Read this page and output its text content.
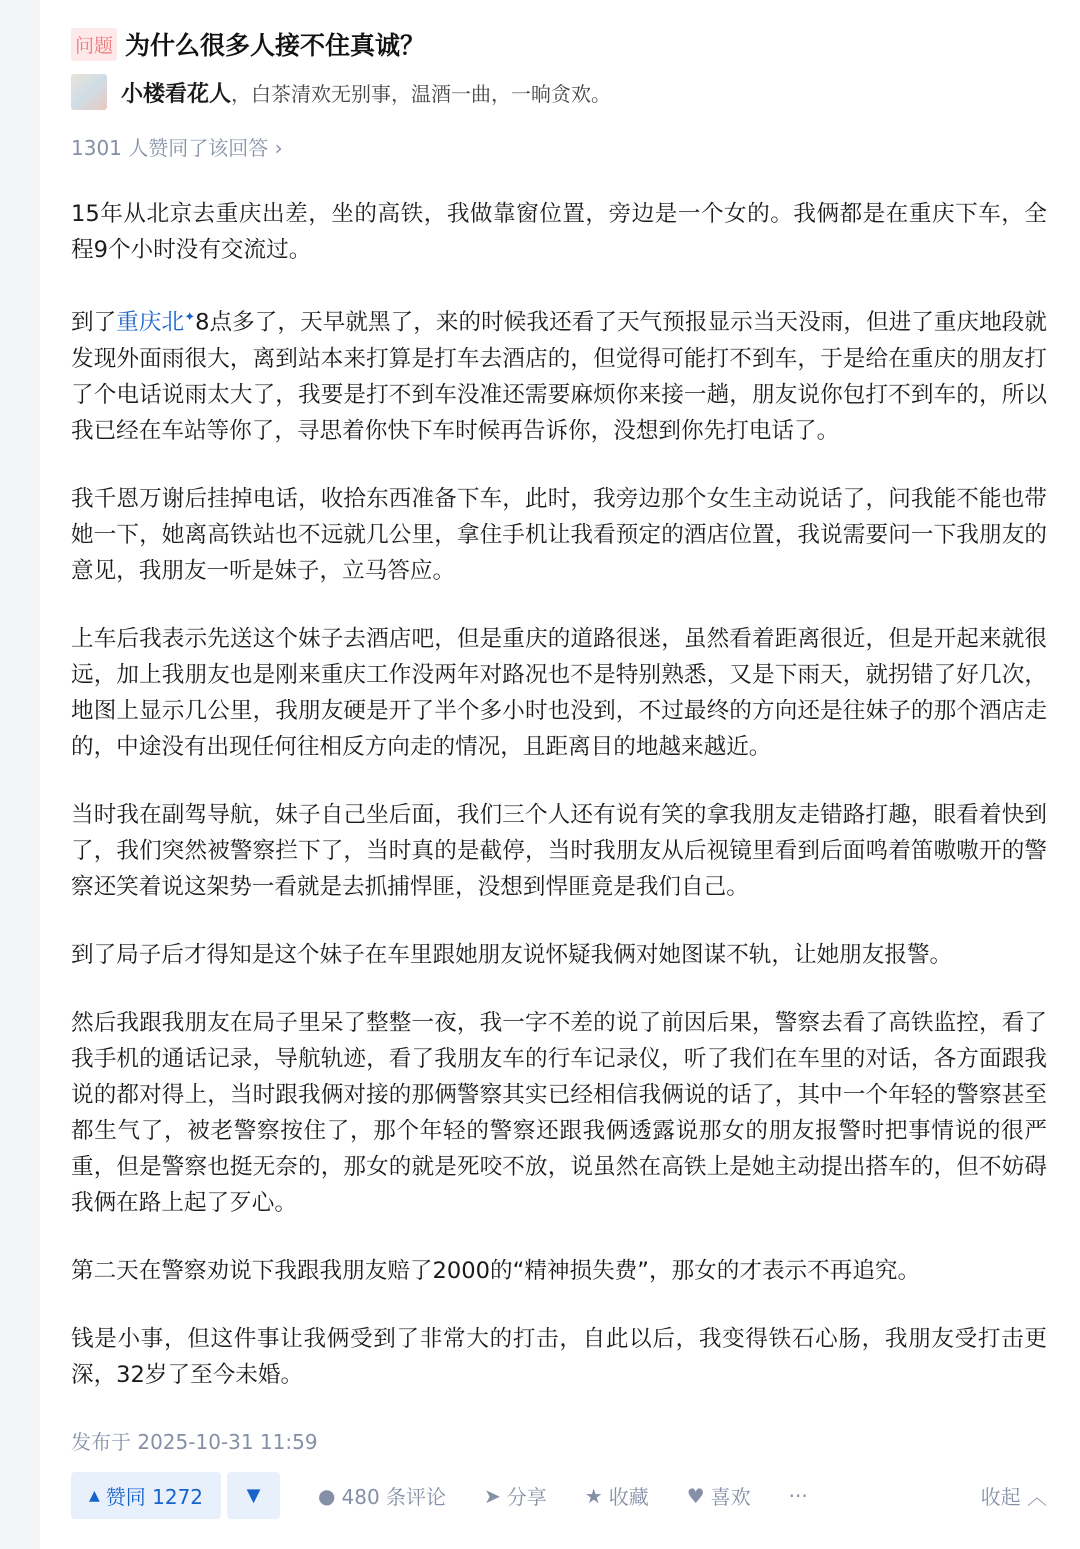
问题 为什么很多人接不住真诚？
小楼看花人 ，白茶清欢无别事，温酒一曲，一晌贪欢。
1301 人赞同了该回答 ›

15年从北京去重庆出差，坐的高铁，我做靠窗位置，旁边是一个女的。我俩都是在重庆下车，全程9个小时没有交流过。

到了重庆北✦8点多了，天早就黑了，来的时候我还看了天气预报显示当天没雨，但进了重庆地段就发现外面雨很大，离到站本来打算是打车去酒店的，但觉得可能打不到车，于是给在重庆的朋友打了个电话说雨太大了，我要是打不到车没准还需要麻烦你来接一趟，朋友说你包打不到车的，所以我已经在车站等你了，寻思着你快下车时候再告诉你，没想到你先打电话了。

我千恩万谢后挂掉电话，收拾东西准备下车，此时，我旁边那个女生主动说话了，问我能不能也带她一下，她离高铁站也不远就几公里，拿住手机让我看预定的酒店位置，我说需要问一下我朋友的意见，我朋友一听是妹子，立马答应。

上车后我表示先送这个妹子去酒店吧，但是重庆的道路很迷，虽然看着距离很近，但是开起来就很远，加上我朋友也是刚来重庆工作没两年对路况也不是特别熟悉，又是下雨天，就拐错了好几次，地图上显示几公里，我朋友硬是开了半个多小时也没到，不过最终的方向还是往妹子的那个酒店走的，中途没有出现任何往相反方向走的情况，且距离目的地越来越近。

当时我在副驾导航，妹子自己坐后面，我们三个人还有说有笑的拿我朋友走错路打趣，眼看着快到了，我们突然被警察拦下了，当时真的是截停，当时我朋友从后视镜里看到后面鸣着笛嗷嗷开的警察还笑着说这架势一看就是去抓捕悍匪，没想到悍匪竟是我们自己。

到了局子后才得知是这个妹子在车里跟她朋友说怀疑我俩对她图谋不轨，让她朋友报警。

然后我跟我朋友在局子里呆了整整一夜，我一字不差的说了前因后果，警察去看了高铁监控，看了我手机的通话记录，导航轨迹，看了我朋友车的行车记录仪，听了我们在车里的对话，各方面跟我说的都对得上，当时跟我俩对接的那俩警察其实已经相信我俩说的话了，其中一个年轻的警察甚至都生气了，被老警察按住了，那个年轻的警察还跟我俩透露说那女的朋友报警时把事情说的很严重，但是警察也挺无奈的，那女的就是死咬不放，说虽然在高铁上是她主动提出搭车的，但不妨碍我俩在路上起了歹心。

第二天在警察劝说下我跟我朋友赔了2000的“精神损失费”，那女的才表示不再追究。

钱是小事，但这件事让我俩受到了非常大的打击，自此以后，我变得铁石心肠，我朋友受打击更深，32岁了至今未婚。

发布于 2025-10-31 11:59
▲ 赞同 1272 ▼	● 480 条评论 ➤ 分享 ★ 收藏 ♥ 喜欢 ···	收起 ︿
